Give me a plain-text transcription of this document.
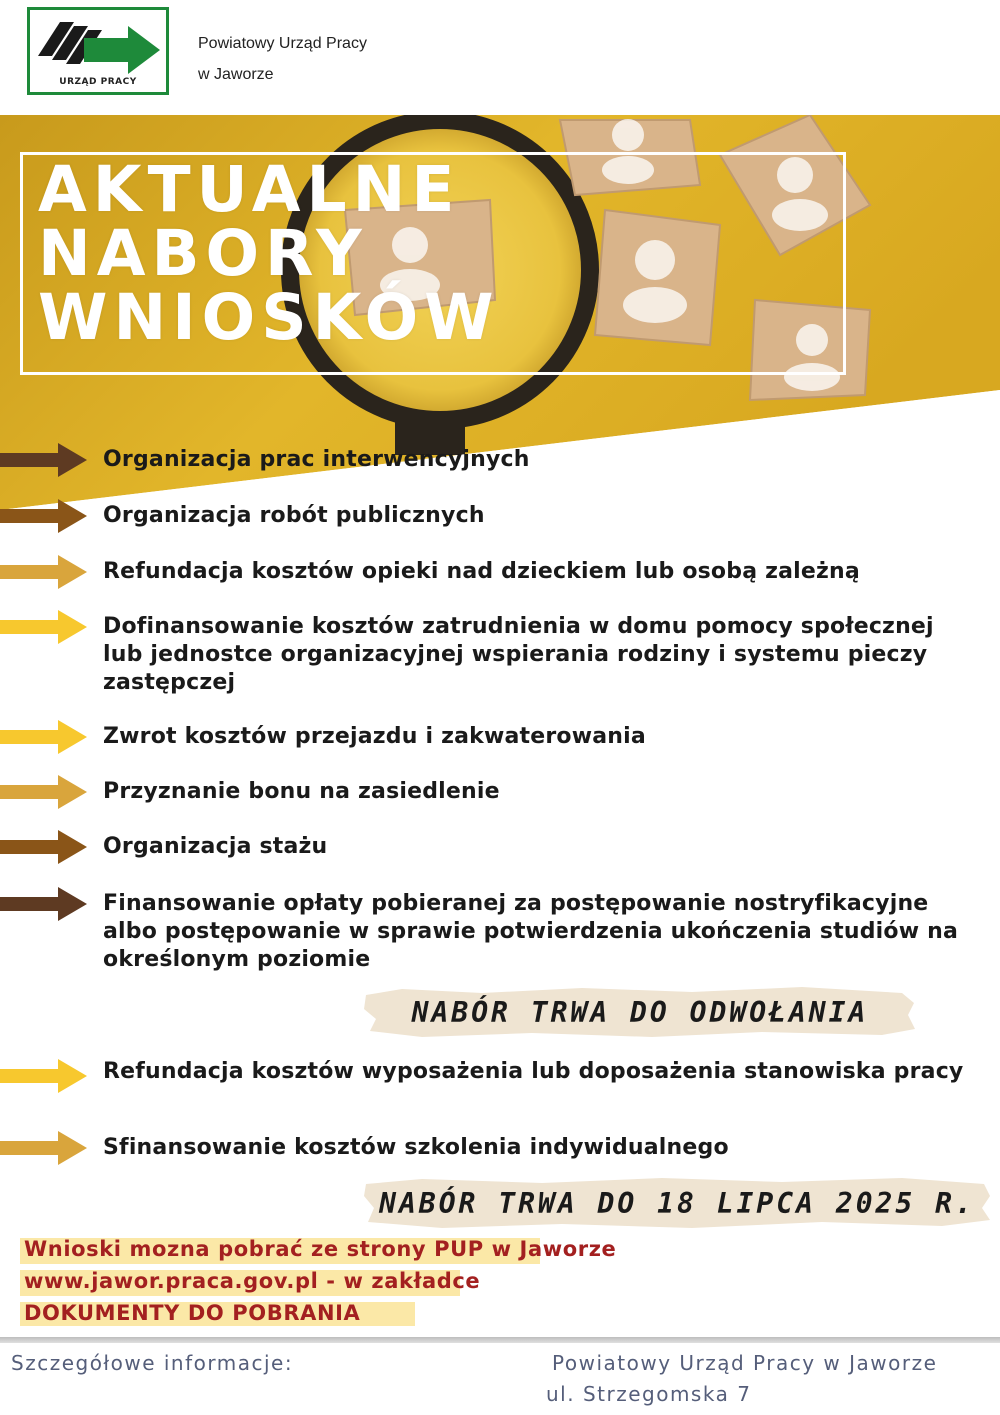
URZĄD PRACY
Powiatowy Urząd Pracy
w Jaworze
AKTUALNE
NABORY
WNIOSKÓW
Organizacja prac interwencyjnych
Organizacja robót publicznych
Refundacja kosztów opieki nad dzieckiem lub osobą zależną
Dofinansowanie kosztów zatrudnienia w domu pomocy społecznej lub jednostce organizacyjnej wspierania rodziny i systemu pieczy zastępczej
Zwrot kosztów przejazdu i zakwaterowania
Przyznanie bonu na zasiedlenie
Organizacja stażu
Finansowanie opłaty pobieranej za postępowanie nostryfikacyjne albo postępowanie w sprawie potwierdzenia ukończenia studiów na określonym poziomie
NABÓR TRWA DO ODWOŁANIA
Refundacja kosztów wyposażenia lub doposażenia stanowiska pracy
Sfinansowanie kosztów szkolenia indywidualnego
NABÓR TRWA DO 18 LIPCA 2025 R.
Wnioski mozna pobrać ze strony PUP w Jaworze
www.jawor.praca.gov.pl - w zakładce
DOKUMENTY DO POBRANIA
Szczegółowe informacje:	Powiatowy Urząd Pracy w Jaworze
ul. Strzegomska 7
